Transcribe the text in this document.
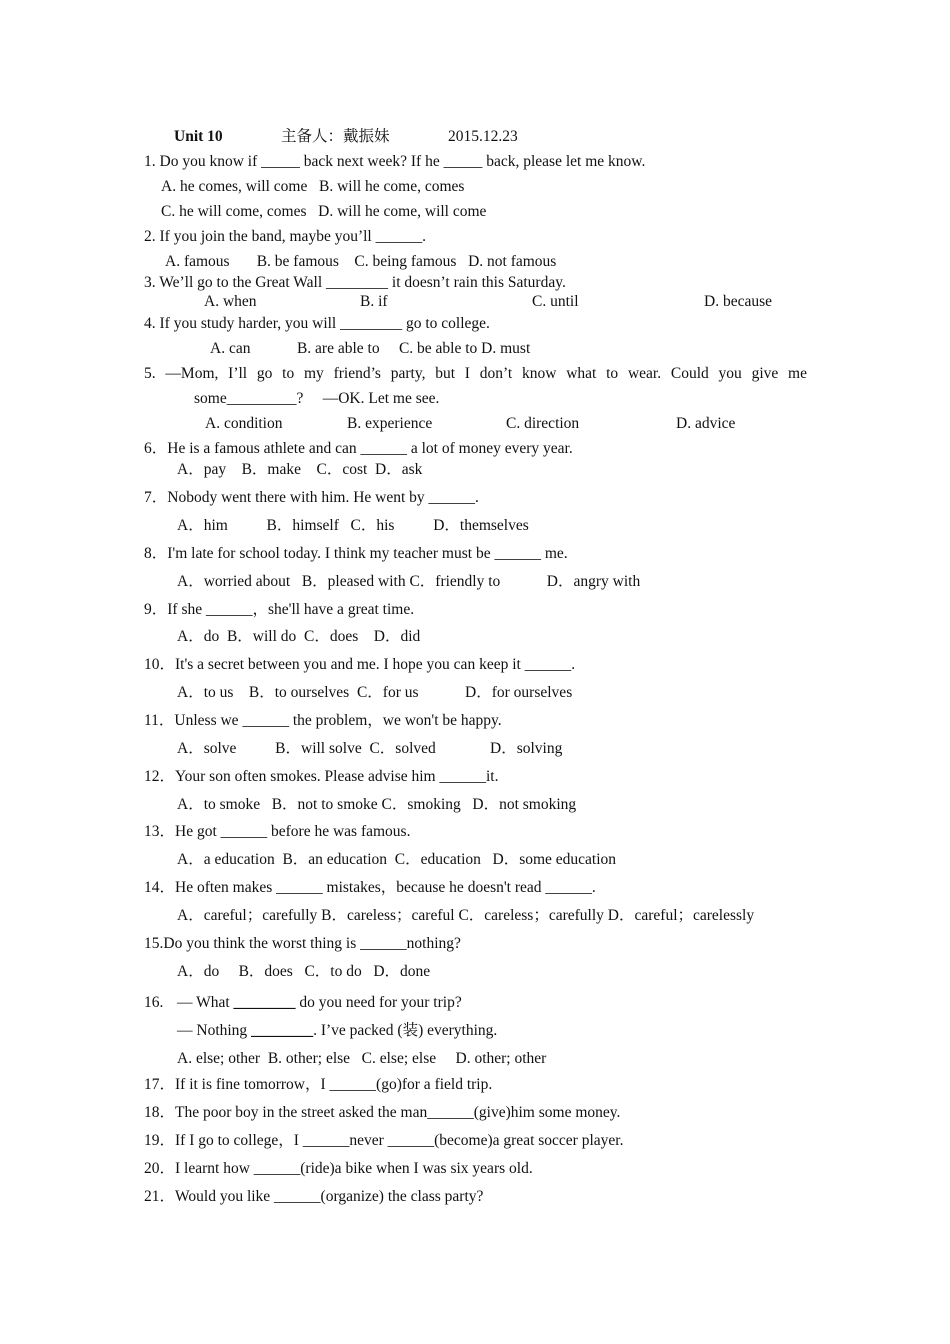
Unit 10	主备人：戴振妹	2015.12.23
1. Do you know if _____ back next week? If he _____ back, please let me know.
A. he comes, will come   B. will he come, comes
C. he will come, comes   D. will he come, will come
2. If you join the band, maybe you’ll ______.
A. famous       B. be famous    C. being famous   D. not famous
3. We’ll go to the Great Wall ________ it doesn’t rain this Saturday.
A. when	B. if	C. until	D. because
4. If you study harder, you will ________ go to college.
A. can            B. are able to     C. be able to D. must
5. —Mom, I’ll go to my friend’s party, but I don’t know what to wear. Could you give me
some_________?     —OK. Let me see.
A. condition	B. experience	C. direction	D. advice
6．He is a famous athlete and can ______ a lot of money every year.
A．pay    B．make    C．cost  D．ask
7．Nobody went there with him. He went by ______.
A．him          B．himself   C．his          D．themselves
8．I'm late for school today. I think my teacher must be ______ me.
A．worried about   B．pleased with C．friendly to            D．angry with
9．If she ______，she'll have a great time.
A．do  B．will do  C．does    D．did
10．It's a secret between you and me. I hope you can keep it ______.
A．to us    B．to ourselves  C．for us            D．for ourselves
11．Unless we ______ the problem，we won't be happy.
A．solve          B．will solve  C．solved              D．solving
12．Your son often smokes. Please advise him ______it.
A．to smoke   B．not to smoke C．smoking   D．not smoking
13．He got ______ before he was famous.
A．a education  B．an education  C．education   D．some education
14．He often makes ______ mistakes，because he doesn't read ______.
A．careful；carefully B．careless；careful C．careless；carefully D．careful；carelessly
15.Do you think the worst thing is ______nothing?
A．do     B．does   C．to do   D．done
16. — What ________ do you need for your trip?
— Nothing ________. I’ve packed (装) everything.
A. else; other  B. other; else   C. else; else     D. other; other
17．If it is fine tomorrow，I ______(go)for a field trip.
18．The poor boy in the street asked the man______(give)him some money.
19．If I go to college，I ______never ______(become)a great soccer player.
20．I learnt how ______(ride)a bike when I was six years old.
21．Would you like ______(organize) the class party?
